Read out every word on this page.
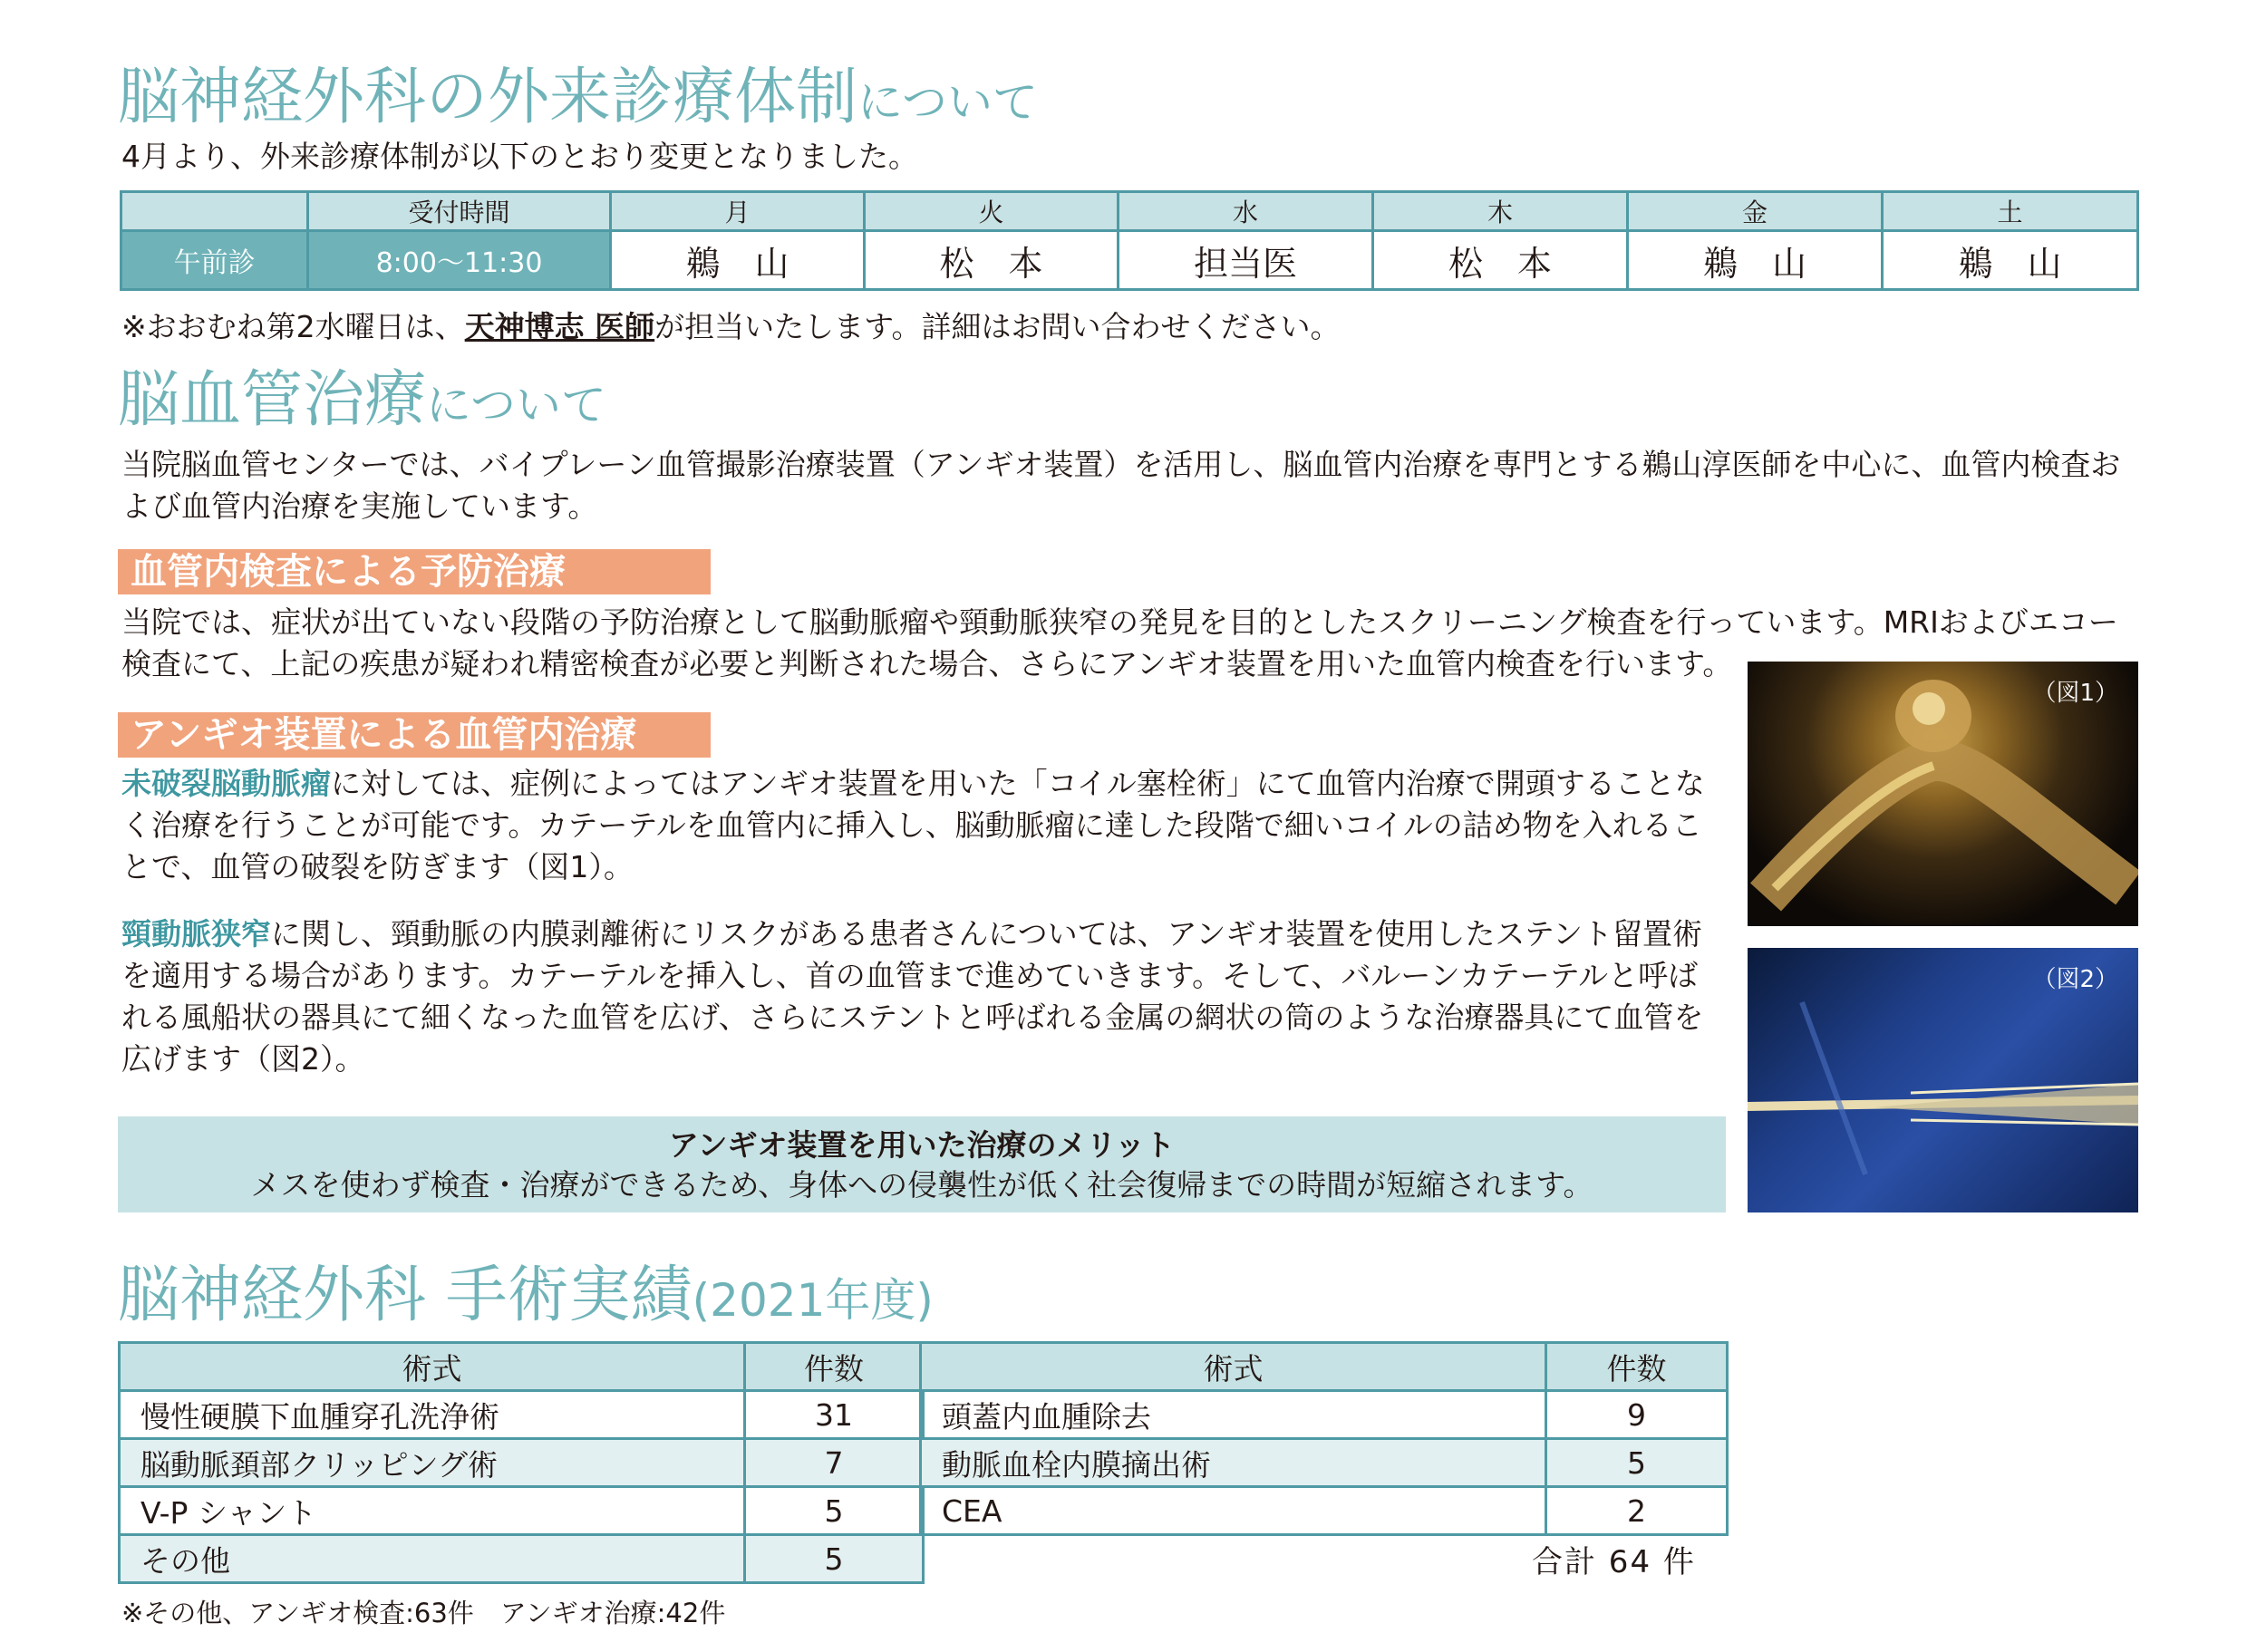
脳神経外科の外来診療体制について
4月より、外来診療体制が以下のとおり変更となりました。
	受付時間	月	火	水	木	金	土
午前診	8:00〜11:30	鵜　山	松　本	担当医	松　本	鵜　山	鵜　山
※おおむね第2水曜日は、天神博志 医師が担当いたします。詳細はお問い合わせください。
脳血管治療について
当院脳血管センターでは、バイプレーン血管撮影治療装置（アンギオ装置）を活用し、脳血管内治療を専門とする鵜山淳医師を中心に、血管内検査および血管内治療を実施しています。
血管内検査による予防治療
当院では、症状が出ていない段階の予防治療として脳動脈瘤や頸動脈狭窄の発見を目的としたスクリーニング検査を行っています。MRIおよびエコー検査にて、上記の疾患が疑われ精密検査が必要と判断された場合、さらにアンギオ装置を用いた血管内検査を行います。
アンギオ装置による血管内治療
未破裂脳動脈瘤に対しては、症例によってはアンギオ装置を用いた「コイル塞栓術」にて血管内治療で開頭することなく治療を行うことが可能です。カテーテルを血管内に挿入し、脳動脈瘤に達した段階で細いコイルの詰め物を入れることで、血管の破裂を防ぎます（図1）。
頸動脈狭窄に関し、頸動脈の内膜剥離術にリスクがある患者さんについては、アンギオ装置を使用したステント留置術を適用する場合があります。カテーテルを挿入し、首の血管まで進めていきます。そして、バルーンカテーテルと呼ばれる風船状の器具にて細くなった血管を広げ、さらにステントと呼ばれる金属の網状の筒のような治療器具にて血管を広げます（図2）。
アンギオ装置を用いた治療のメリット
メスを使わず検査・治療ができるため、身体への侵襲性が低く社会復帰までの時間が短縮されます。
（図1）
（図2）
脳神経外科 手術実績(2021年度)
術式	件数
慢性硬膜下血腫穿孔洗浄術	31
脳動脈頚部クリッピング術	7
V-P シャント	5
その他	5
術式	件数
頭蓋内血腫除去	9
動脈血栓内膜摘出術	5
CEA	2
合計 64 件
※その他、アンギオ検査:63件　アンギオ治療:42件
